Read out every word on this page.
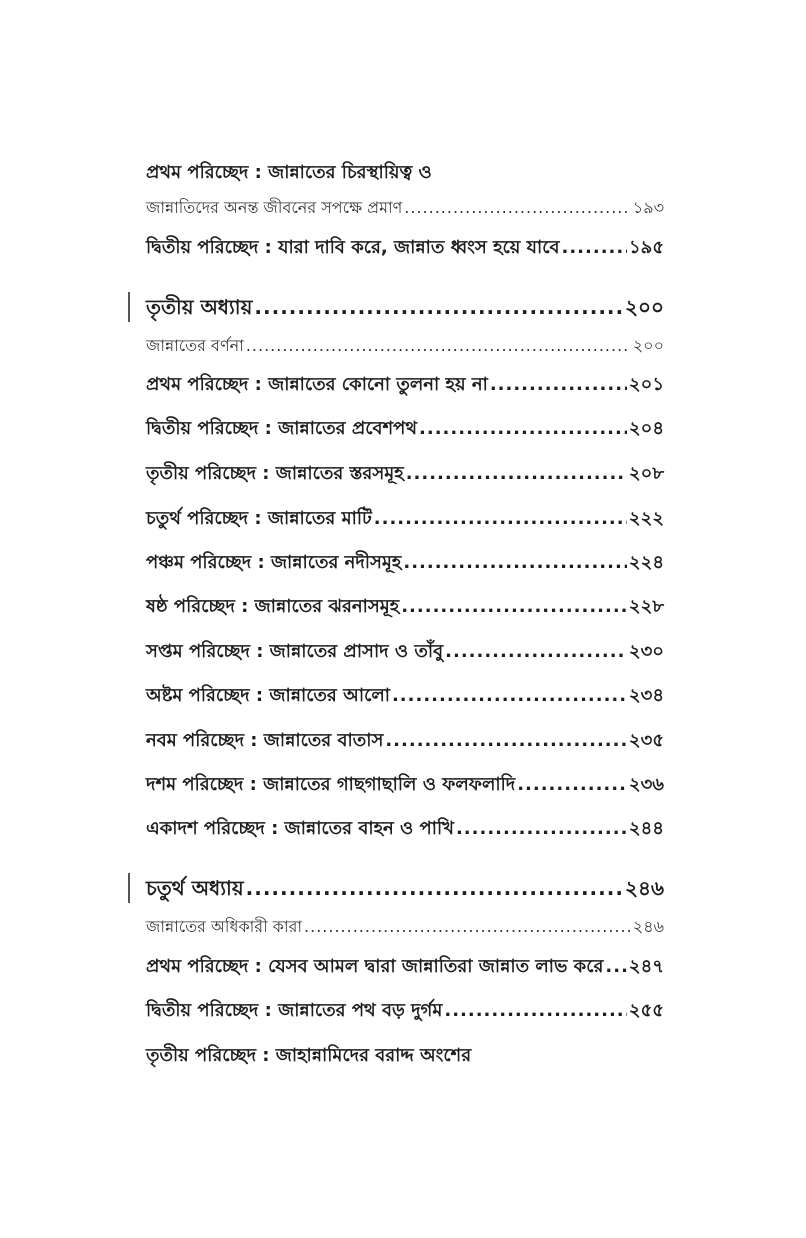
প্রথম পরিচ্ছেদ : জান্নাতের চিরস্থায়িত্ব ও
জান্নাতিদের অনন্ত জীবনের সপক্ষে প্রমাণ .....	১৯৩
দ্বিতীয় পরিচ্ছেদ : যারা দাবি করে, জান্নাত ধ্বংস হয়ে যাবে .....	১৯৫
তৃতীয় অধ্যায় .....	২০০
জান্নাতের বর্ণনা .....	২০০
প্রথম পরিচ্ছেদ : জান্নাতের কোনো তুলনা হয় না .....	২০১
দ্বিতীয় পরিচ্ছেদ : জান্নাতের প্রবেশপথ .....	২০৪
তৃতীয় পরিচ্ছেদ : জান্নাতের স্তরসমূহ .....	২০৮
চতুর্থ পরিচ্ছেদ : জান্নাতের মাটি .....	২২২
পঞ্চম পরিচ্ছেদ : জান্নাতের নদীসমূহ .....	২২৪
ষষ্ঠ পরিচ্ছেদ : জান্নাতের ঝরনাসমূহ .....	২২৮
সপ্তম পরিচ্ছেদ : জান্নাতের প্রাসাদ ও তাঁবু .....	২৩০
অষ্টম পরিচ্ছেদ : জান্নাতের আলো .....	২৩৪
নবম পরিচ্ছেদ : জান্নাতের বাতাস .....	২৩৫
দশম পরিচ্ছেদ : জান্নাতের গাছগাছালি ও ফলফলাদি .....	২৩৬
একাদশ পরিচ্ছেদ : জান্নাতের বাহন ও পাখি .....	২৪৪
চতুর্থ অধ্যায় .....	২৪৬
জান্নাতের অধিকারী কারা .....	২৪৬
প্রথম পরিচ্ছেদ : যেসব আমল দ্বারা জান্নাতিরা জান্নাত লাভ করে ..... ২৪৭
দ্বিতীয় পরিচ্ছেদ : জান্নাতের পথ বড় দুর্গম .....	২৫৫
তৃতীয় পরিচ্ছেদ : জাহান্নামিদের বরাদ্দ অংশের
